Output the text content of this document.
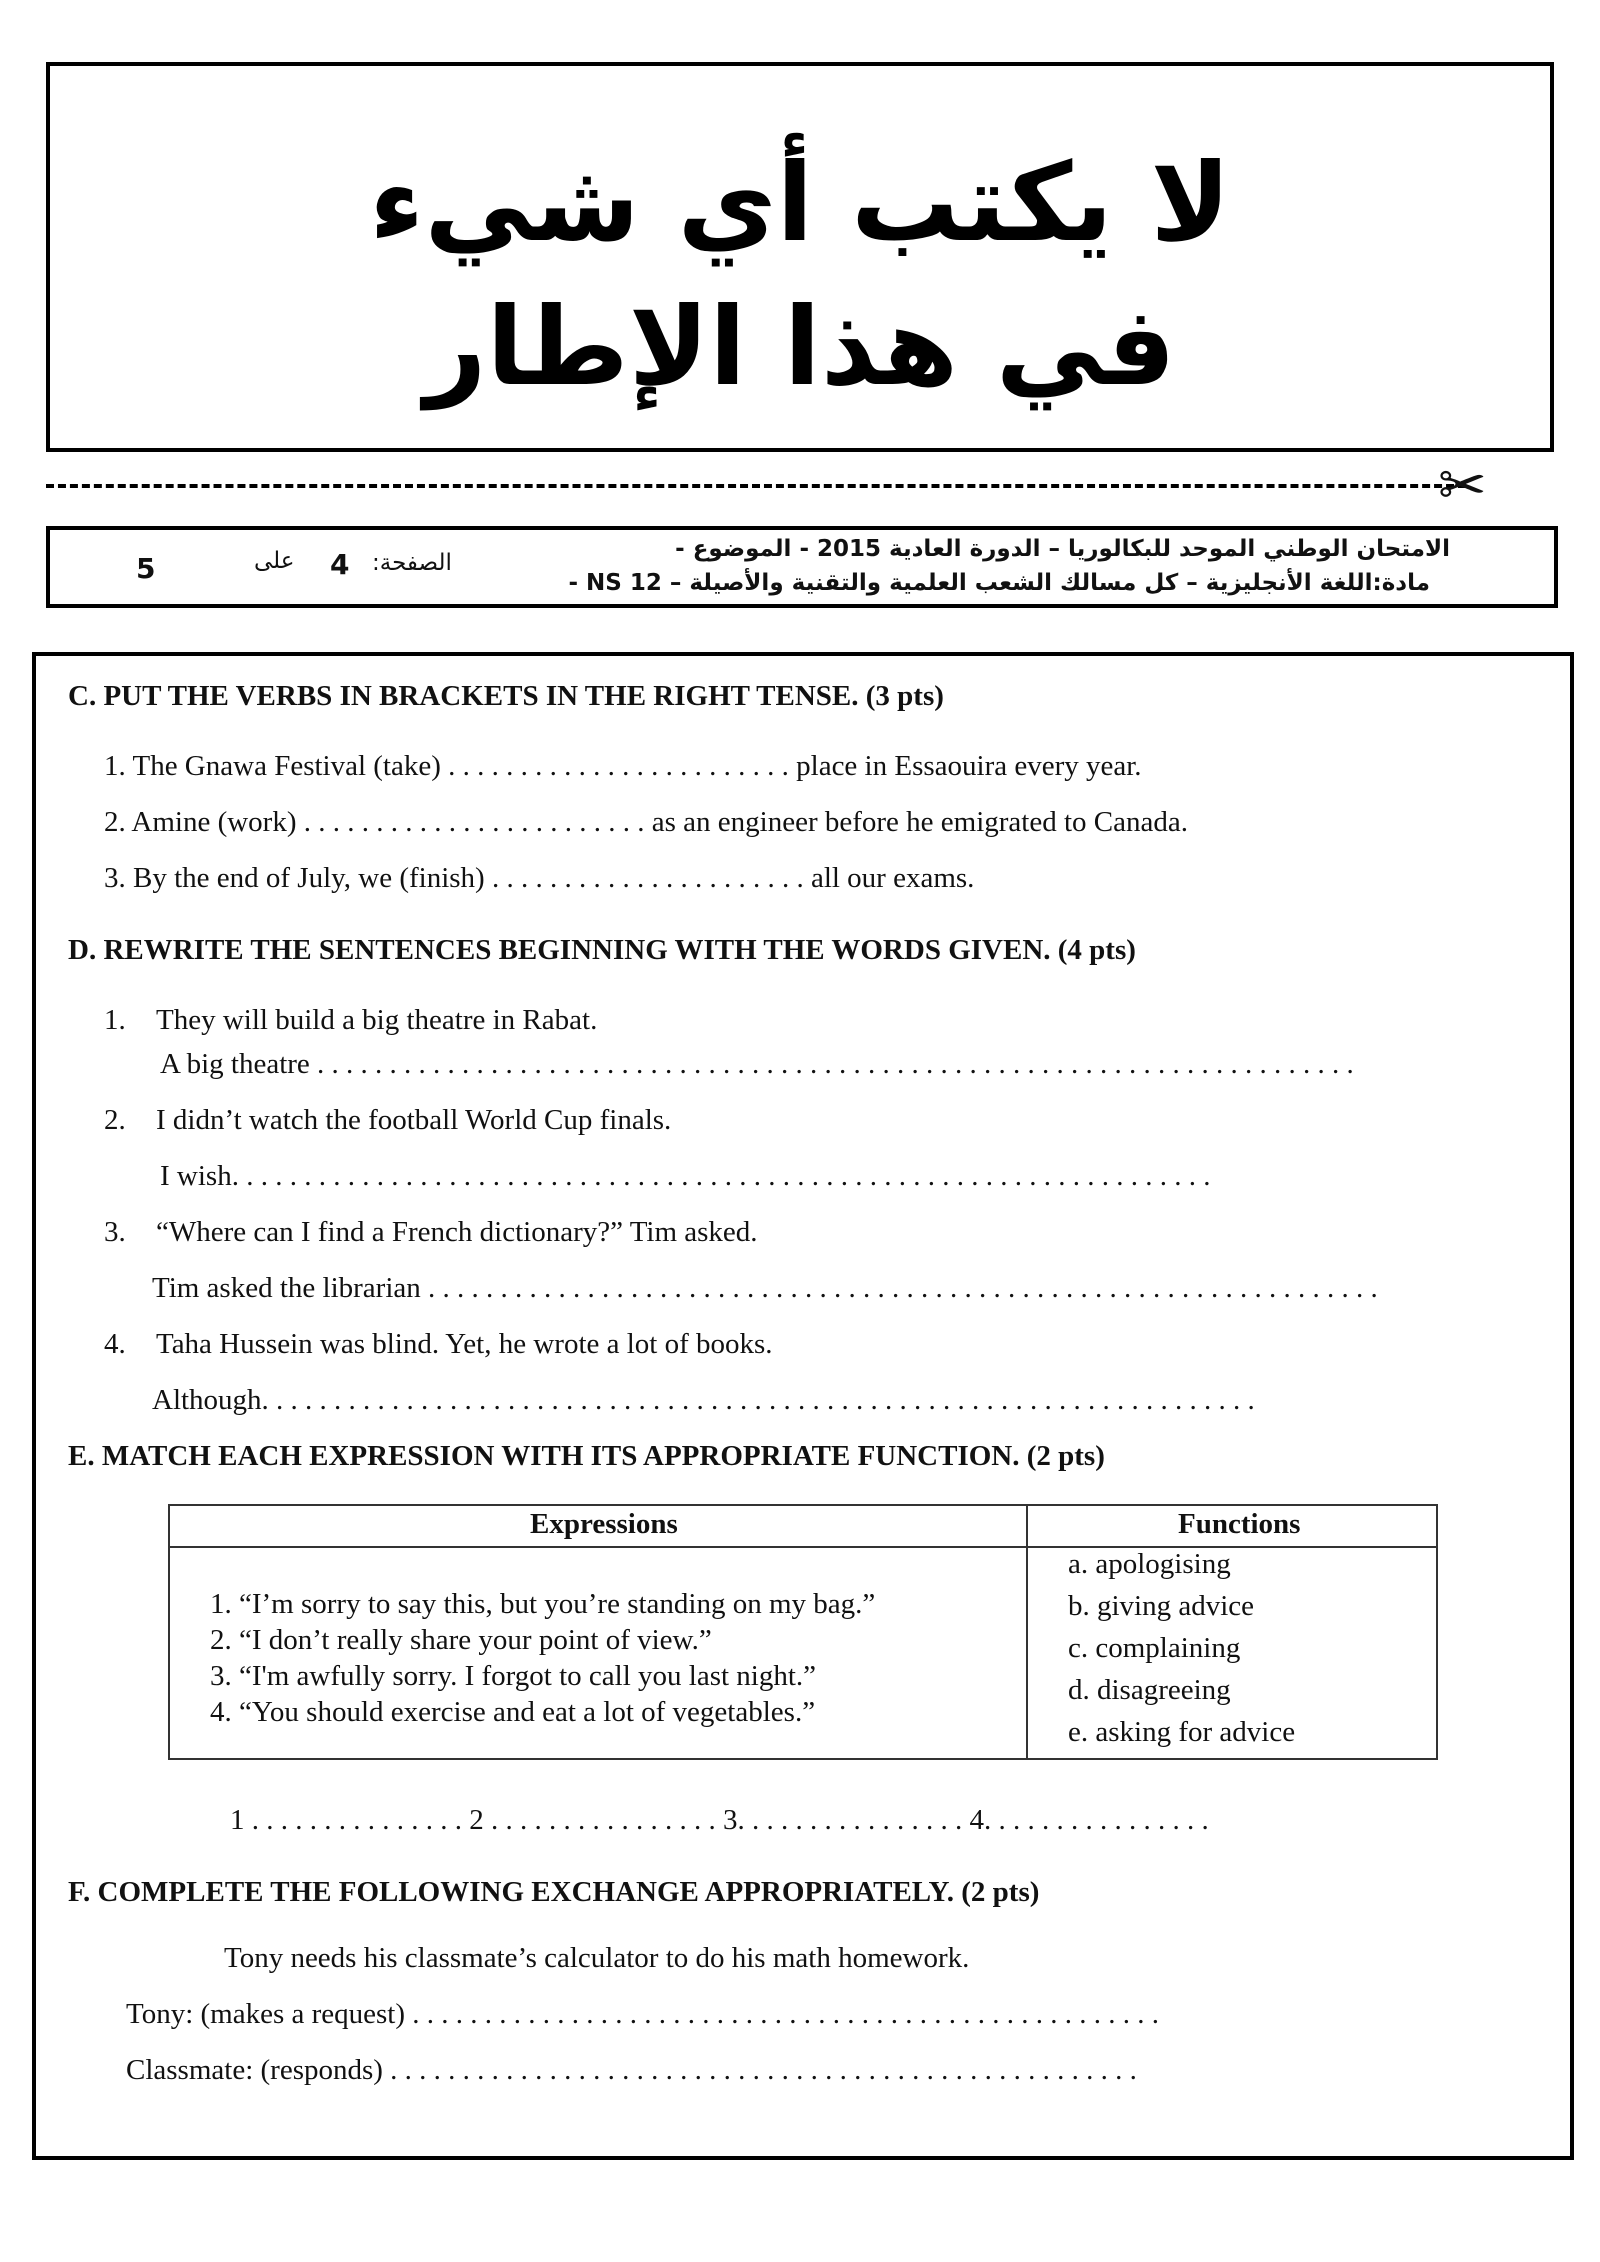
لا يكتب أي شيء
في هذا الإطار
✂
5	على 4 الصفحة:
الامتحان الوطني الموحد للبكالوريا – الدورة العادية 2015 - الموضوع -
مادة:اللغة الأنجليزية – كل مسالك الشعب العلمية والتقنية والأصيلة – NS 12 -
C. PUT THE VERBS IN BRACKETS IN THE RIGHT TENSE. (3 pts)
1. The Gnawa Festival (take) . . . . . . . . . . . . . . . . . . . . . . . . place in Essaouira every year.
2. Amine (work) . . . . . . . . . . . . . . . . . . . . . . . . as an engineer before he emigrated to Canada.
3. By the end of July, we (finish) . . . . . . . . . . . . . . . . . . . . . . all our exams.
D. REWRITE THE SENTENCES BEGINNING WITH THE WORDS GIVEN. (4 pts)
1. They will build a big theatre in Rabat.
A big theatre . . . . . . . . . . . . . . . . . . . . . . . . . . . . . . . . . . . . . . . . . . . . . . . . . . . . . . . . . . . . . . . . . . . . . . . .
2. I didn’t watch the football World Cup finals.
I wish. . . . . . . . . . . . . . . . . . . . . . . . . . . . . . . . . . . . . . . . . . . . . . . . . . . . . . . . . . . . . . . . . . . .
3. “Where can I find a French dictionary?” Tim asked.
Tim asked the librarian . . . . . . . . . . . . . . . . . . . . . . . . . . . . . . . . . . . . . . . . . . . . . . . . . . . . . . . . . . . . . . . . . .
4. Taha Hussein was blind. Yet, he wrote a lot of books.
Although. . . . . . . . . . . . . . . . . . . . . . . . . . . . . . . . . . . . . . . . . . . . . . . . . . . . . . . . . . . . . . . . . . . . .
E. MATCH EACH EXPRESSION WITH ITS APPROPRIATE FUNCTION. (2 pts)
Expressions	Functions
1. “I’m sorry to say this, but you’re standing on my bag.”
2. “I don’t really share your point of view.”
3. “I'm awfully sorry. I forgot to call you last night.”
4. “You should exercise and eat a lot of vegetables.”
a. apologising
b. giving advice
c. complaining
d. disagreeing
e. asking for advice
1 . . . . . . . . . . . . . . . 2 . . . . . . . . . . . . . . . . 3. . . . . . . . . . . . . . . . 4. . . . . . . . . . . . . . . .
F. COMPLETE THE FOLLOWING EXCHANGE APPROPRIATELY. (2 pts)
Tony needs his classmate’s calculator to do his math homework.
Tony: (makes a request) . . . . . . . . . . . . . . . . . . . . . . . . . . . . . . . . . . . . . . . . . . . . . . . . . . . .
Classmate: (responds) . . . . . . . . . . . . . . . . . . . . . . . . . . . . . . . . . . . . . . . . . . . . . . . . . . . .
